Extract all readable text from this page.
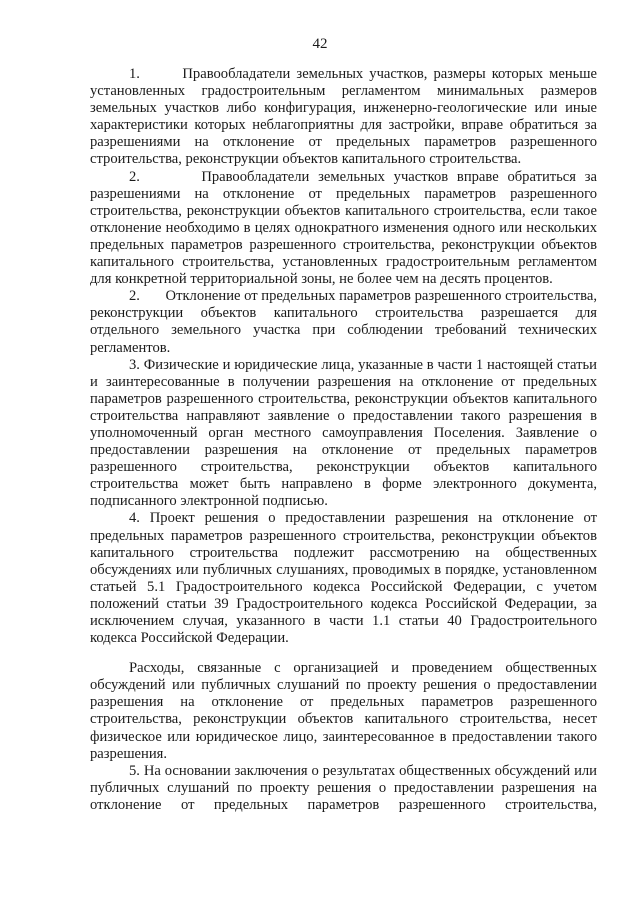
42

1.       Правообладатели земельных участков, размеры которых меньше установленных градостроительным регламентом минимальных размеров земельных участков либо конфигурация, инженерно-геологические или иные характеристики которых неблагоприятны для застройки, вправе обратиться за разрешениями на отклонение от предельных параметров разрешенного строительства, реконструкции объектов капитального строительства.

2.       Правообладатели земельных участков вправе обратиться за разрешениями на отклонение от предельных параметров разрешенного строительства, реконструкции объектов капитального строительства, если такое отклонение необходимо в целях однократного изменения одного или нескольких предельных параметров разрешенного строительства, реконструкции объектов капитального строительства, установленных градостроительным регламентом для конкретной территориальной зоны, не более чем на десять процентов.

2.       Отклонение от предельных параметров разрешенного строительства, реконструкции объектов капитального строительства разрешается для отдельного земельного участка при соблюдении требований технических регламентов.

3. Физические и юридические лица, указанные в части 1 настоящей статьи и заинтересованные в получении разрешения на отклонение от предельных параметров разрешенного строительства, реконструкции объектов капитального строительства направляют заявление о предоставлении такого разрешения в уполномоченный орган местного самоуправления Поселения. Заявление о предоставлении разрешения на отклонение от предельных параметров разрешенного строительства, реконструкции объектов капитального строительства может быть направлено в форме электронного документа, подписанного электронной подписью.

4. Проект решения о предоставлении разрешения на отклонение от предельных параметров разрешенного строительства, реконструкции объектов капитального строительства подлежит рассмотрению на общественных обсуждениях или публичных слушаниях, проводимых в порядке, установленном статьей 5.1 Градостроительного кодекса Российской Федерации, с учетом положений статьи 39 Градостроительного кодекса Российской Федерации, за исключением случая, указанного в части 1.1 статьи 40 Градостроительного кодекса Российской Федерации.

Расходы, связанные с организацией и проведением общественных обсуждений или публичных слушаний по проекту решения о предоставлении разрешения на отклонение от предельных параметров разрешенного строительства, реконструкции объектов капитального строительства, несет физическое или юридическое лицо, заинтересованное в предоставлении такого разрешения.

5. На основании заключения о результатах общественных обсуждений или публичных слушаний по проекту решения о предоставлении разрешения на отклонение от предельных параметров разрешенного строительства,
